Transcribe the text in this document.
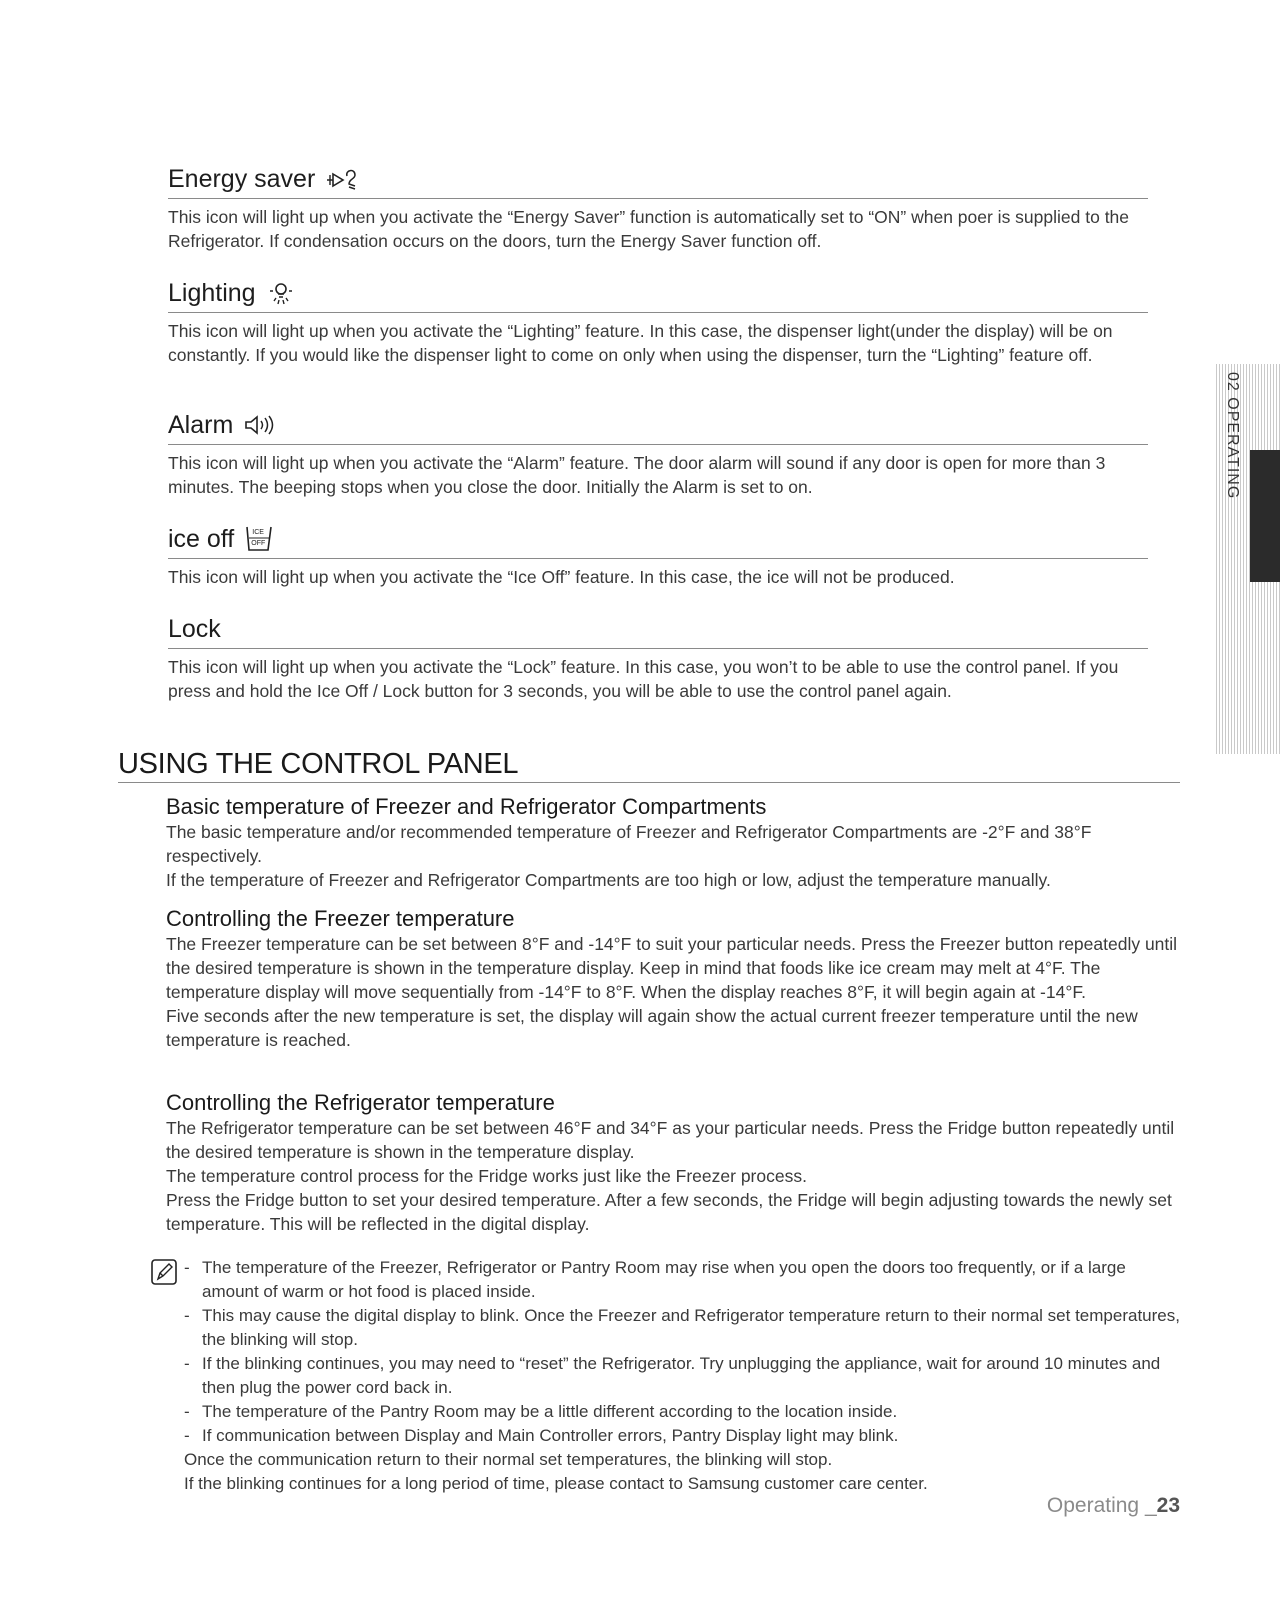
Energy saver

This icon will light up when you activate the “Energy Saver” function is automatically set to “ON” when poer is supplied to the Refrigerator. If condensation occurs on the doors, turn the Energy Saver function off.

Lighting

This icon will light up when you activate the “Lighting” feature. In this case, the dispenser light(under the display) will be on constantly. If you would like the dispenser light to come on only when using the dispenser, turn the “Lighting” feature off.

Alarm

This icon will light up when you activate the “Alarm” feature. The door alarm will sound if any door is open for more than 3 minutes. The beeping stops when you close the door. Initially the Alarm is set to on.

ice off	ICE
OFF

This icon will light up when you activate the “Ice Off” feature. In this case, the ice will not be produced.

Lock

This icon will light up when you activate the “Lock” feature. In this case, you won’t to be able to use the control panel. If you press and hold the Ice Off / Lock button for 3 seconds, you will be able to use the control panel again.

USING THE CONTROL PANEL
Basic temperature of Freezer and Refrigerator Compartments

The basic temperature and/or recommended temperature of Freezer and Refrigerator Compartments are -2°F and 38°F respectively.

If the temperature of Freezer and Refrigerator Compartments are too high or low, adjust the temperature manually.

Controlling the Freezer temperature

The Freezer temperature can be set between 8°F and -14°F to suit your particular needs. Press the Freezer button repeatedly until the desired temperature is shown in the temperature display. Keep in mind that foods like ice cream may melt at 4°F. The temperature display will move sequentially from -14°F to 8°F. When the display reaches 8°F, it will begin again at -14°F.

Five seconds after the new temperature is set, the display will again show the actual current freezer temperature until the new temperature is reached.

Controlling the Refrigerator temperature

The Refrigerator temperature can be set between 46°F and 34°F as your particular needs. Press the Fridge button repeatedly until the desired temperature is shown in the temperature display.

The temperature control process for the Fridge works just like the Freezer process.

Press the Fridge button to set your desired temperature. After a few seconds, the Fridge will begin adjusting towards the newly set temperature. This will be reflected in the digital display.

- The temperature of the Freezer, Refrigerator or Pantry Room may rise when you open the doors too frequently, or if a large amount of warm or hot food is placed inside.
- This may cause the digital display to blink. Once the Freezer and Refrigerator temperature return to their normal set temperatures, the blinking will stop.
- If the blinking continues, you may need to “reset” the Refrigerator. Try unplugging the appliance, wait for around 10 minutes and then plug the power cord back in.
- The temperature of the Pantry Room may be a little different according to the location inside.
- If communication between Display and Main Controller errors, Pantry Display light may blink.
Once the communication return to their normal set temperatures, the blinking will stop.
If the blinking continues for a long period of time, please contact to Samsung customer care center.
02 OPERATING
Operating _23
